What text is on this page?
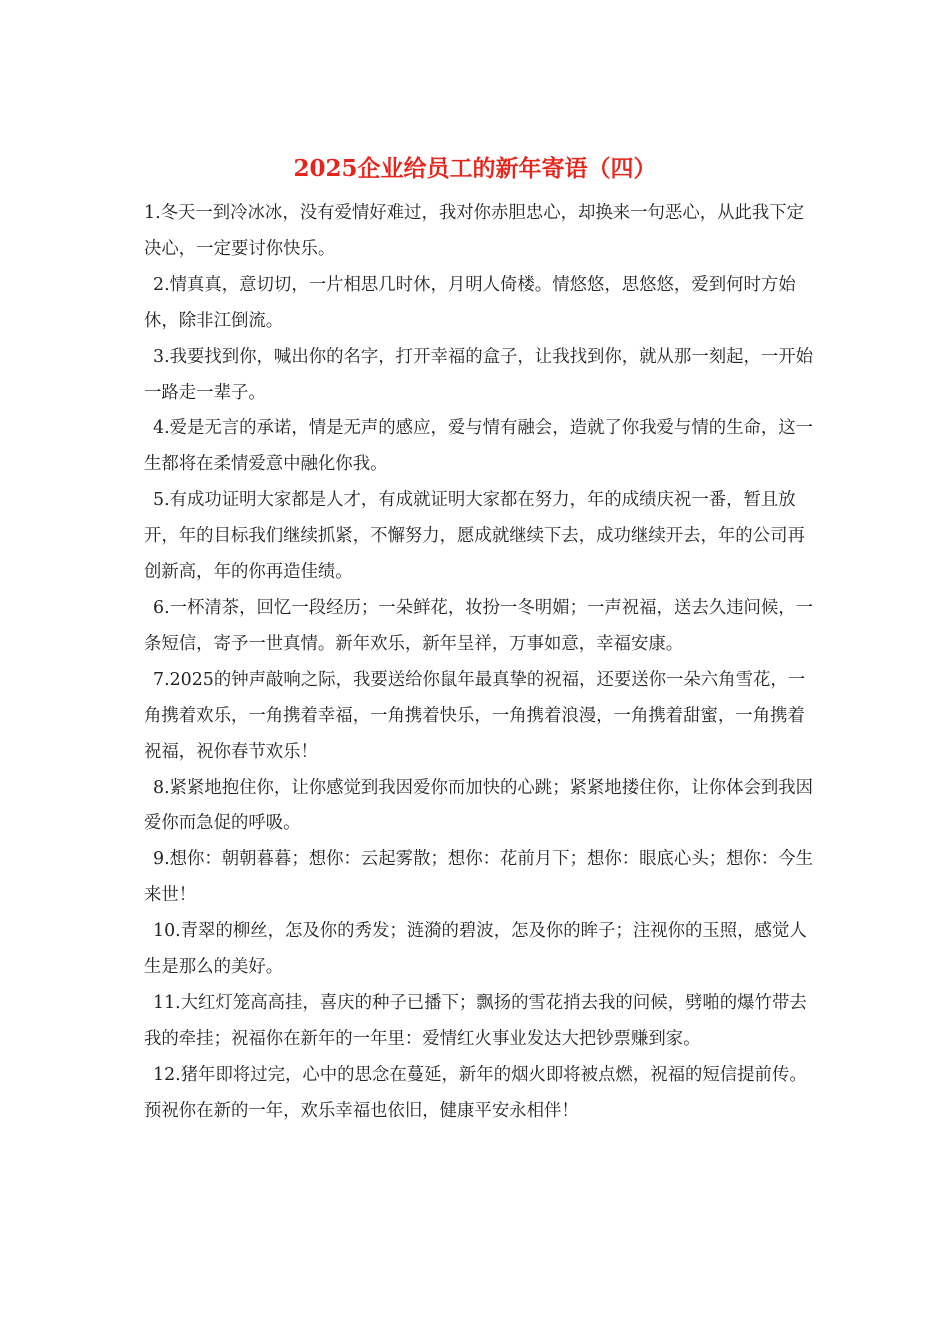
2025企业给员工的新年寄语（四）

1.冬天一到冷冰冰，没有爱情好难过，我对你赤胆忠心，却换来一句恶心，从此我下定决心，一定要讨你快乐。

2.情真真，意切切，一片相思几时休，月明人倚楼。情悠悠，思悠悠，爱到何时方始休，除非江倒流。

3.我要找到你，喊出你的名字，打开幸福的盒子，让我找到你，就从那一刻起，一开始一路走一辈子。

4.爱是无言的承诺，情是无声的感应，爱与情有融会，造就了你我爱与情的生命，这一生都将在柔情爱意中融化你我。

5.有成功证明大家都是人才，有成就证明大家都在努力，年的成绩庆祝一番，暂且放开，年的目标我们继续抓紧，不懈努力，愿成就继续下去，成功继续开去，年的公司再创新高，年的你再造佳绩。

6.一杯清茶，回忆一段经历；一朵鲜花，妆扮一冬明媚；一声祝福，送去久违问候，一条短信，寄予一世真情。新年欢乐，新年呈祥，万事如意，幸福安康。

7.2025的钟声敲响之际，我要送给你鼠年最真挚的祝福，还要送你一朵六角雪花，一角携着欢乐，一角携着幸福，一角携着快乐，一角携着浪漫，一角携着甜蜜，一角携着祝福，祝你春节欢乐！

8.紧紧地抱住你，让你感觉到我因爱你而加快的心跳；紧紧地搂住你，让你体会到我因爱你而急促的呼吸。

9.想你：朝朝暮暮；想你：云起雾散；想你：花前月下；想你：眼底心头；想你：今生来世！

10.青翠的柳丝，怎及你的秀发；涟漪的碧波，怎及你的眸子；注视你的玉照，感觉人生是那么的美好。

11.大红灯笼高高挂，喜庆的种子已播下；飘扬的雪花捎去我的问候，劈啪的爆竹带去我的牵挂；祝福你在新年的一年里：爱情红火事业发达大把钞票赚到家。

12.猪年即将过完，心中的思念在蔓延，新年的烟火即将被点燃，祝福的短信提前传。预祝你在新的一年，欢乐幸福也依旧，健康平安永相伴！
